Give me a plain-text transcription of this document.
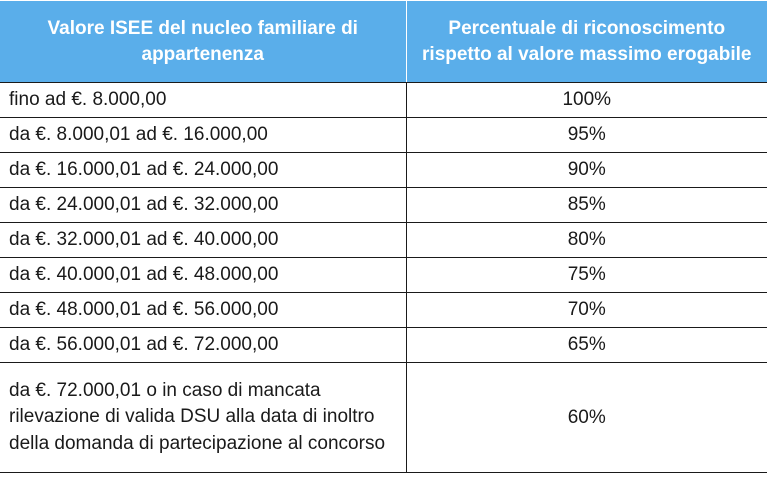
Valore ISEE del nucleo familiare di appartenenza	Percentuale di riconoscimento rispetto al valore massimo erogabile
fino ad €. 8.000,00	100%
da €. 8.000,01 ad €. 16.000,00	95%
da €. 16.000,01 ad €. 24.000,00	90%
da €. 24.000,01 ad €. 32.000,00	85%
da €. 32.000,01 ad €. 40.000,00	80%
da €. 40.000,01 ad €. 48.000,00	75%
da €. 48.000,01 ad €. 56.000,00	70%
da €. 56.000,01 ad €. 72.000,00	65%
da €. 72.000,01 o in caso di mancata rilevazione di valida DSU alla data di inoltro della domanda di partecipazione al concorso	60%
